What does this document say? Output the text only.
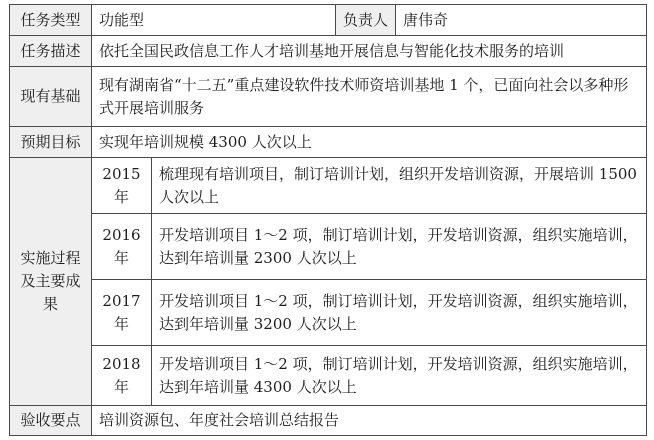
任务类型	功能型		负责人	唐伟奇
任务描述	依托全国民政信息工作人才培训基地开展信息与智能化技术服务的培训			
现有基础	现有湖南省“十二五”重点建设软件技术师资培训基地 1 个，已面向社会以多种形式开展培训服务			
预期目标	实现年培训规模 4300 人次以上			
实施过程及主要成果	2015 年	梳理现有培训项目，制订培训计划，组织开发培训资源，开展培训 1500 人次以上		
	2016 年	开发培训项目 1～2 项，制订培训计划，开发培训资源，组织实施培训，达到年培训量 2300 人次以上		
	2017 年	开发培训项目 1～2 项，制订培训计划，开发培训资源，组织实施培训，达到年培训量 3200 人次以上		
	2018 年	开发培训项目 1～2 项，制订培训计划，开发培训资源，组织实施培训，达到年培训量 4300 人次以上		
验收要点	培训资源包、年度社会培训总结报告			
